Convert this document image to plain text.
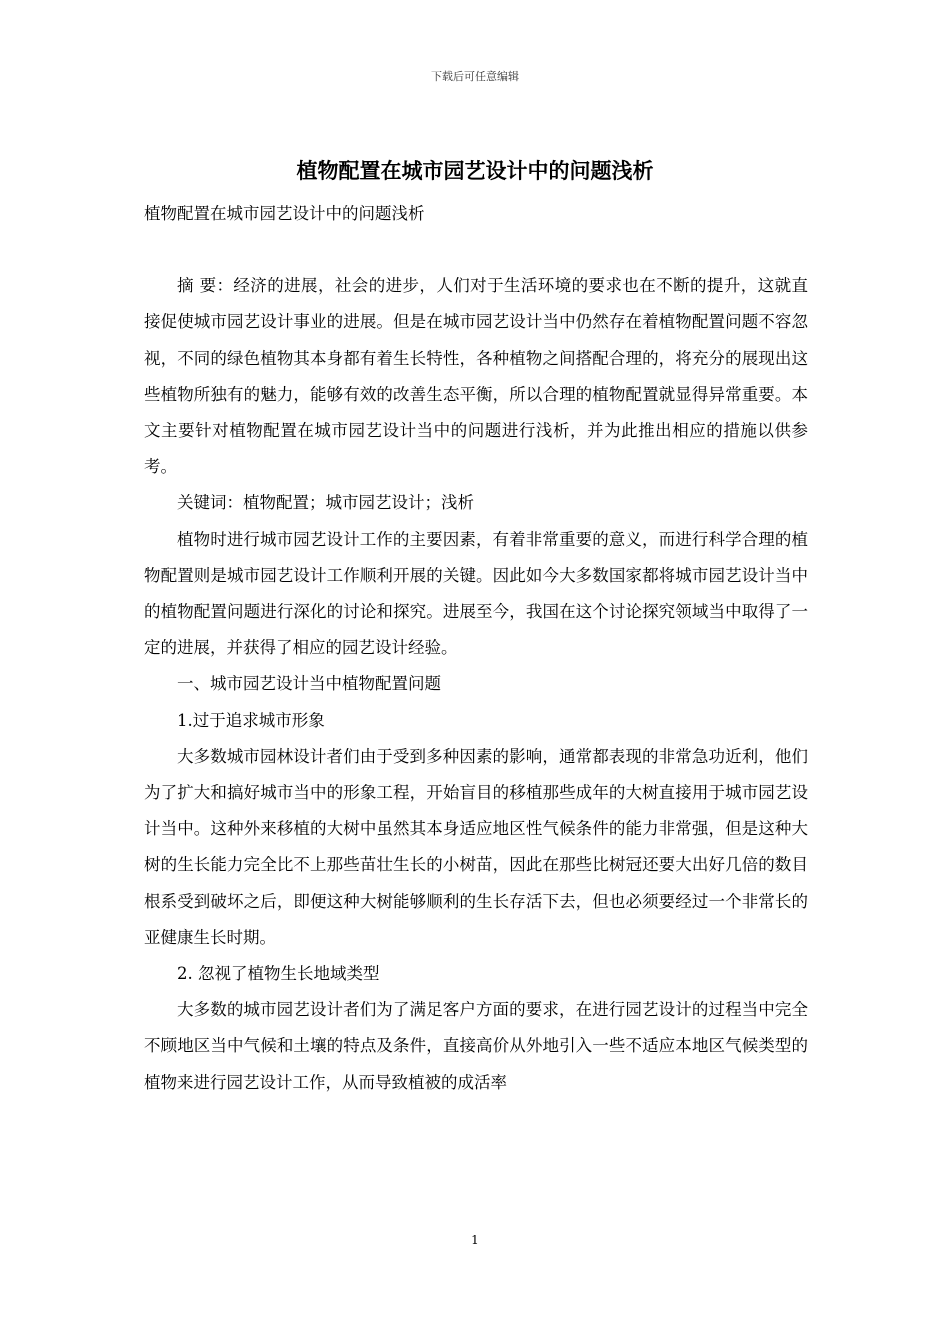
下载后可任意编辑
植物配置在城市园艺设计中的问题浅析

植物配置在城市园艺设计中的问题浅析

摘 要：经济的进展，社会的进步，人们对于生活环境的要求也在不断的提升，这就直接促使城市园艺设计事业的进展。但是在城市园艺设计当中仍然存在着植物配置问题不容忽视，不同的绿色植物其本身都有着生长特性，各种植物之间搭配合理的，将充分的展现出这些植物所独有的魅力，能够有效的改善生态平衡，所以合理的植物配置就显得异常重要。本文主要针对植物配置在城市园艺设计当中的问题进行浅析，并为此推出相应的措施以供参考。

关键词：植物配置；城市园艺设计；浅析

植物时进行城市园艺设计工作的主要因素，有着非常重要的意义，而进行科学合理的植物配置则是城市园艺设计工作顺利开展的关键。因此如今大多数国家都将城市园艺设计当中的植物配置问题进行深化的讨论和探究。进展至今，我国在这个讨论探究领域当中取得了一定的进展，并获得了相应的园艺设计经验。

一、城市园艺设计当中植物配置问题

1.过于追求城市形象

大多数城市园林设计者们由于受到多种因素的影响，通常都表现的非常急功近利，他们为了扩大和搞好城市当中的形象工程，开始盲目的移植那些成年的大树直接用于城市园艺设计当中。这种外来移植的大树中虽然其本身适应地区性气候条件的能力非常强，但是这种大树的生长能力完全比不上那些苗壮生长的小树苗，因此在那些比树冠还要大出好几倍的数目根系受到破坏之后，即便这种大树能够顺利的生长存活下去，但也必须要经过一个非常长的亚健康生长时期。

2. 忽视了植物生长地域类型

大多数的城市园艺设计者们为了满足客户方面的要求，在进行园艺设计的过程当中完全不顾地区当中气候和土壤的特点及条件，直接高价从外地引入一些不适应本地区气候类型的植物来进行园艺设计工作，从而导致植被的成活率

1
